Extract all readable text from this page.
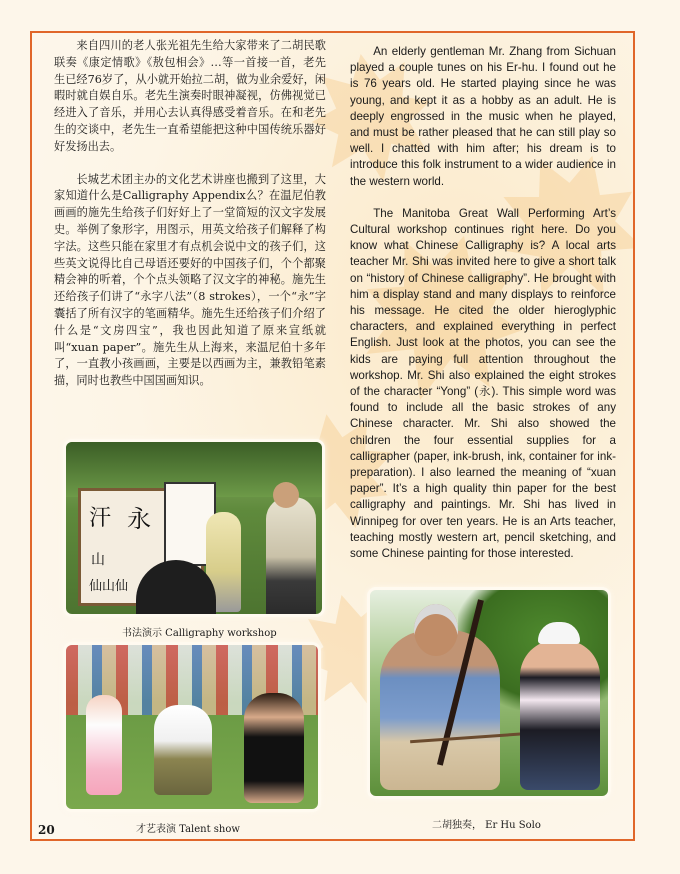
来自四川的老人张光祖先生给大家带来了二胡民歌联奏《康定情歌》《敖包相会》…等一首接一首，老先生已经76岁了，从小就开始拉二胡，做为业余爱好，闲暇时就自娱自乐。老先生演奏时眼神凝视，仿佛视觉已经进入了音乐，并用心去认真得感受着音乐。在和老先生的交谈中，老先生一直希望能把这种中国传统乐器好好发扬出去。

长城艺术团主办的文化艺术讲座也搬到了这里，大家知道什么是Calligraphy Appendix么？在温尼伯教画画的施先生给孩子们好好上了一堂简短的汉文字发展史。举例了象形字，用图示，用英文给孩子们解释了构字法。这些只能在家里才有点机会说中文的孩子们，这些英文说得比自己母语还要好的中国孩子们，个个都聚精会神的听着，个个点头领略了汉文字的神秘。施先生还给孩子们讲了“永字八法”（8 strokes），一个“永”字囊括了所有汉字的笔画精华。施先生还给孩子们介绍了什么是“文房四宝”，我也因此知道了原来宣纸就叫“xuan paper”。施先生从上海来，来温尼伯十多年了，一直教小孩画画，主要是以西画为主，兼教铅笔素描，同时也教些中国国画知识。

An elderly gentleman Mr. Zhang from Sichuan played a couple tunes on his Er-hu. I found out he is 76 years old. He started playing since he was young, and kept it as a hobby as an adult. He is deeply engrossed in the music when he played, and must be rather pleased that he can still play so well. I chatted with him after; his dream is to introduce this folk instrument to a wider audience in the western world.

The Manitoba Great Wall Performing Art’s Cultural workshop continues right here. Do you know what Chinese Calligraphy is? A local arts teacher Mr. Shi was invited here to give a short talk on “history of Chinese calligraphy”. He brought with him a display stand and many displays to reinforce his message. He cited the older hieroglyphic characters, and explained everything in perfect English. Just look at the photos, you can see the kids are paying full attention throughout the workshop. Mr. Shi also explained the eight strokes of the character “Yong” (永). This simple word was found to include all the basic strokes of any Chinese character. Mr. Shi also showed the children the four essential supplies for a calligrapher (paper, ink-brush, ink, container for ink-preparation). I also learned the meaning of “xuan paper”. It’s a high quality thin paper for the best calligraphy and paintings. Mr. Shi has lived in Winnipeg for over ten years. He is an Arts teacher, teaching mostly western art, pencil sketching, and some Chinese painting for those interested.

汗 永
山
仙山仙
书法演示 Calligraphy workshop
才艺表演 Talent show	二胡独奏， Er Hu Solo
20
